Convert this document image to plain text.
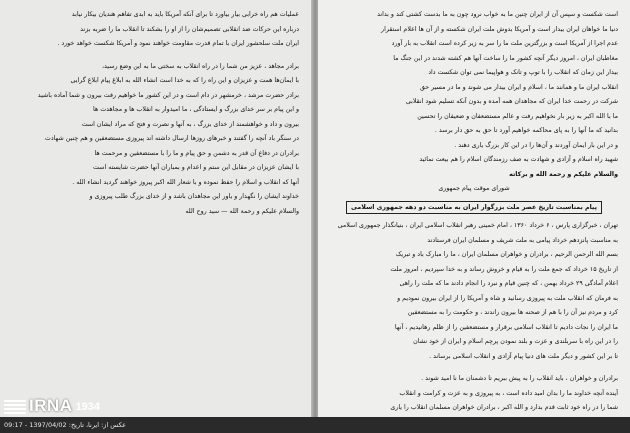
عملیات هم راه خرابی بیار بیاورد تا برای آنکه آمریکا باید به ابدی تفاهم هندیان بیکار نیابد
درباره این حرکات ضد انقلابی تصمیم‌شان را از او را بشکند تا انقلاب ما را ضربه بزند
ایران ملت سلحشور ایران با تمام قدرت مقاومت خواهند نمود و آمریکا شکست خواهد خورد .
برادر مجاهد ، عزیز من شما را در راه انقلاب به سختی ما به این وضع رسید،
با ایمان‌ها همت و عزیزان و این راه را که به خدا است انشاء الله به ابلاغ پیام ابلاغ گرایی
برادر حضرت مرشد ، خرمشهر در دام است و در این کشور ما خواهیم رفت بیرون و شما آماده باشید
و این پیام بر سر خدای بزرگ و ایستادگی ، ما امیدوار به انقلاب ها و مجاهدت ها
بیرون و داد و خواهشمند از خدای بزرگ ، به آنها و نصرت و فتح که مراد ایشان است
در سنگر باد آنچه را گفتند و خبرهای روزها ارسال داشته اند پیروزی مستضعفین و هم چنین شهادت
برادران در دفاع آن قدر به دشمن و حق پیام و ما را با مستضعفین و مرحمت ها
با ایشان عزیزان در مقابل این ستم و اعدام و بمباران آنها حضرت شایسته است
آنها که انقلاب و اسلام را حفظ نموده و با شعار الله اکبر پیروز خواهند گردید انشاء الله .
خداوند ایشان را نگهدار و یاور این مجاهدان باشد و از خدای بزرگ طلب پیروزی و
والسلام علیکم و رحمة الله — سید روح الله
است شکست و سپس آن از ایران چنین ما به خواب نرود چون به ما بدست کشتی کند و بداند
دنیا ما خواهان ایران بیدار است و آمریکا بدوش ملت ایران شکسته و از آن ها اعلام استقرار
عدم اجرا از آمریکا است و بزرگترین ملت ما را سر به زیر کرده است انقلاب به بار آورد
مغاطبان ایران ، امروز دیگر آنچه کشور ما را ساخت آنها هم کشته شدند در این جنگ ما
بیدار این زمان که انقلاب را با توپ و تانک و هواپیما نمی توان شکست داد
انقلاب ایران ما و همانند ما ، اسلام و ایران بیدار می شوند و ما در مسیر حق
شرکت در رحمت خدا ایران که مجاهدان همه آمده و بدون آنکه تسلیم شود انقلابی
ما با الله اکبر به زیر بار نخواهیم رفت و عالم مستضعفان و ضعیفان را تحسین
بدانید که ما آنها را به پای محاکمه خواهیم آورد تا حق به حق دار برسد .
و در این بار ایمان آوردند و آن‌ها را در این کار بزرگ یاری دهند .
شهید راه اسلام و آزادی و شهادت به صف رزمندگان اسلام را هم بیعت نمائید
والسلام علیکم و رحمة الله و برکاته
شورای موقت پیام جمهوری
پیام بمناسبت تاریخ عصر ملت بزرگوار ایران به مناسبت دو دهه جمهوری اسلامی
تهران ، خبرگزاری پارس ، ۶ خرداد ۱۳۶۰ ، امام خمینی رهبر انقلاب اسلامی ایران ، بنیانگذار جمهوری اسلامی
به مناسبت پانزدهم خرداد پیامی به ملت شریف و مسلمان ایران فرستادند
بسم الله الرحمن الرحیم ، برادران و خواهران مسلمان ایران ، ما را مبارک باد و تبریک
از تاریخ ۱۵ خرداد که جمع ملت را به قیام و خروش رساند و به خدا سپردیم ، امروز ملت
اعلام آمادگی ۲۹ خرداد بهمن ، که چنین قیام و نبرد را انجام دادند ما که ملت را راهی
به فرمان که انقلاب ملت به پیروزی رسانید و شاه و آمریکا را از ایران بیرون نمودیم و
کرد و مردم نیز آن را با هم از صحنه ها بیرون راندند ، و حکومت را به مستضعفین
ما ایران را نجات دادیم تا انقلاب اسلامی برقرار و مستضعفین را از ظلم رهانیدیم ، آنها
را در این راه با سربلندی و عزت و بلند نمودن پرچم اسلام و ایران از خود نشان
تا بر این کشور و دیگر ملت های دنیا پیام آزادی و انقلاب اسلامی برساند .
برادران و خواهران ، باید انقلاب را به پیش ببریم تا دشمنان ما نا امید شوند .
آینده آنچه خداوند ما را بدان امید داده است ، به پیروزی و به عزت و کرامت و انقلاب
شما را در راه خود ثابت قدم بدارد و الله اکبر ، برادران خواهران مسلمان انقلاب را یاری
IRNA 1934
عکس از: ایرنا، تاریخ: 1397/04/02 - 09:17
